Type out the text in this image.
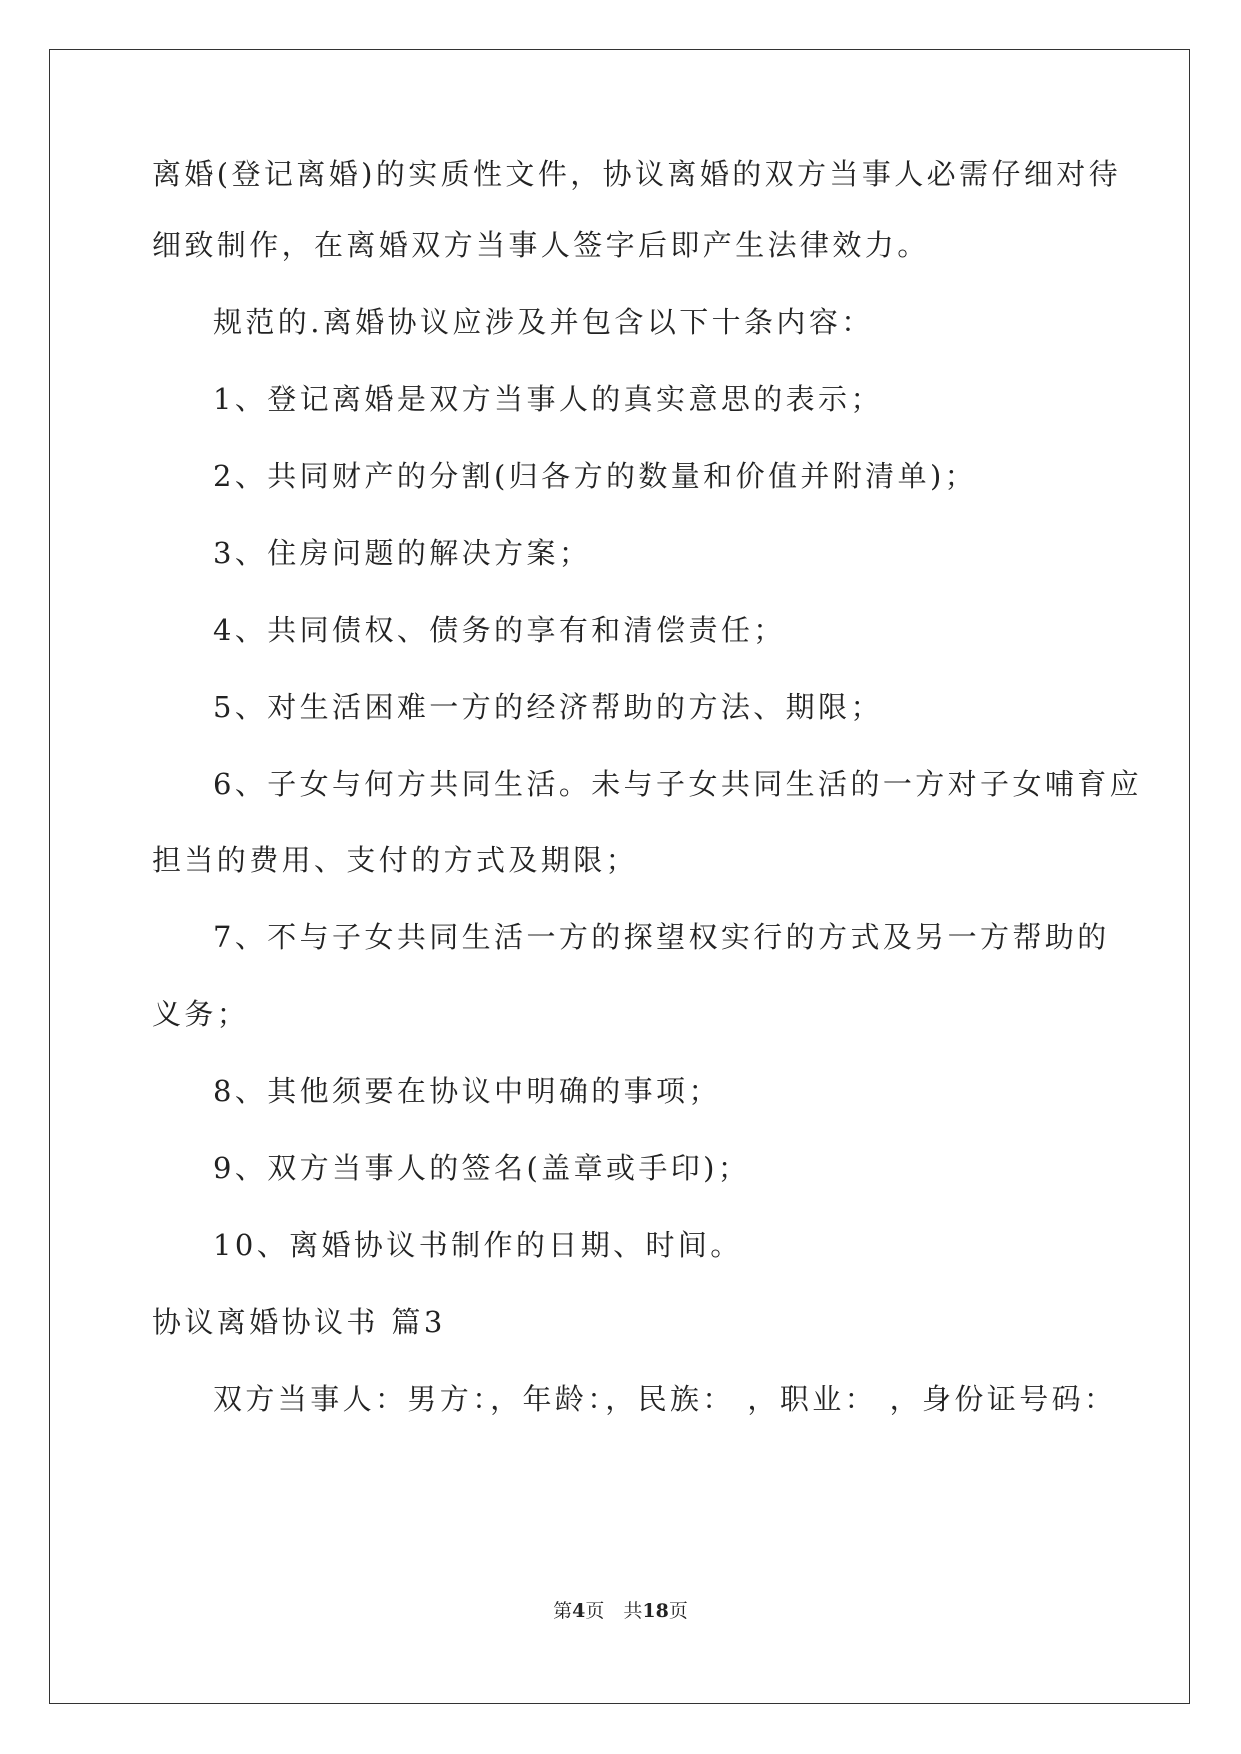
离婚(登记离婚)的实质性文件，协议离婚的双方当事人必需仔细对待
细致制作，在离婚双方当事人签字后即产生法律效力。
规范的.离婚协议应涉及并包含以下十条内容：
1、登记离婚是双方当事人的真实意思的表示；
2、共同财产的分割(归各方的数量和价值并附清单)；
3、住房问题的解决方案；
4、共同债权、债务的享有和清偿责任；
5、对生活困难一方的经济帮助的方法、期限；
6、子女与何方共同生活。未与子女共同生活的一方对子女哺育应
担当的费用、支付的方式及期限；
7、不与子女共同生活一方的探望权实行的方式及另一方帮助的
义务；
8、其他须要在协议中明确的事项；
9、双方当事人的签名(盖章或手印)；
10、离婚协议书制作的日期、时间。
协议离婚协议书 篇3
双方当事人：男方：，年龄：，民族： ，职业： ，身份证号码：
第4页　共18页
